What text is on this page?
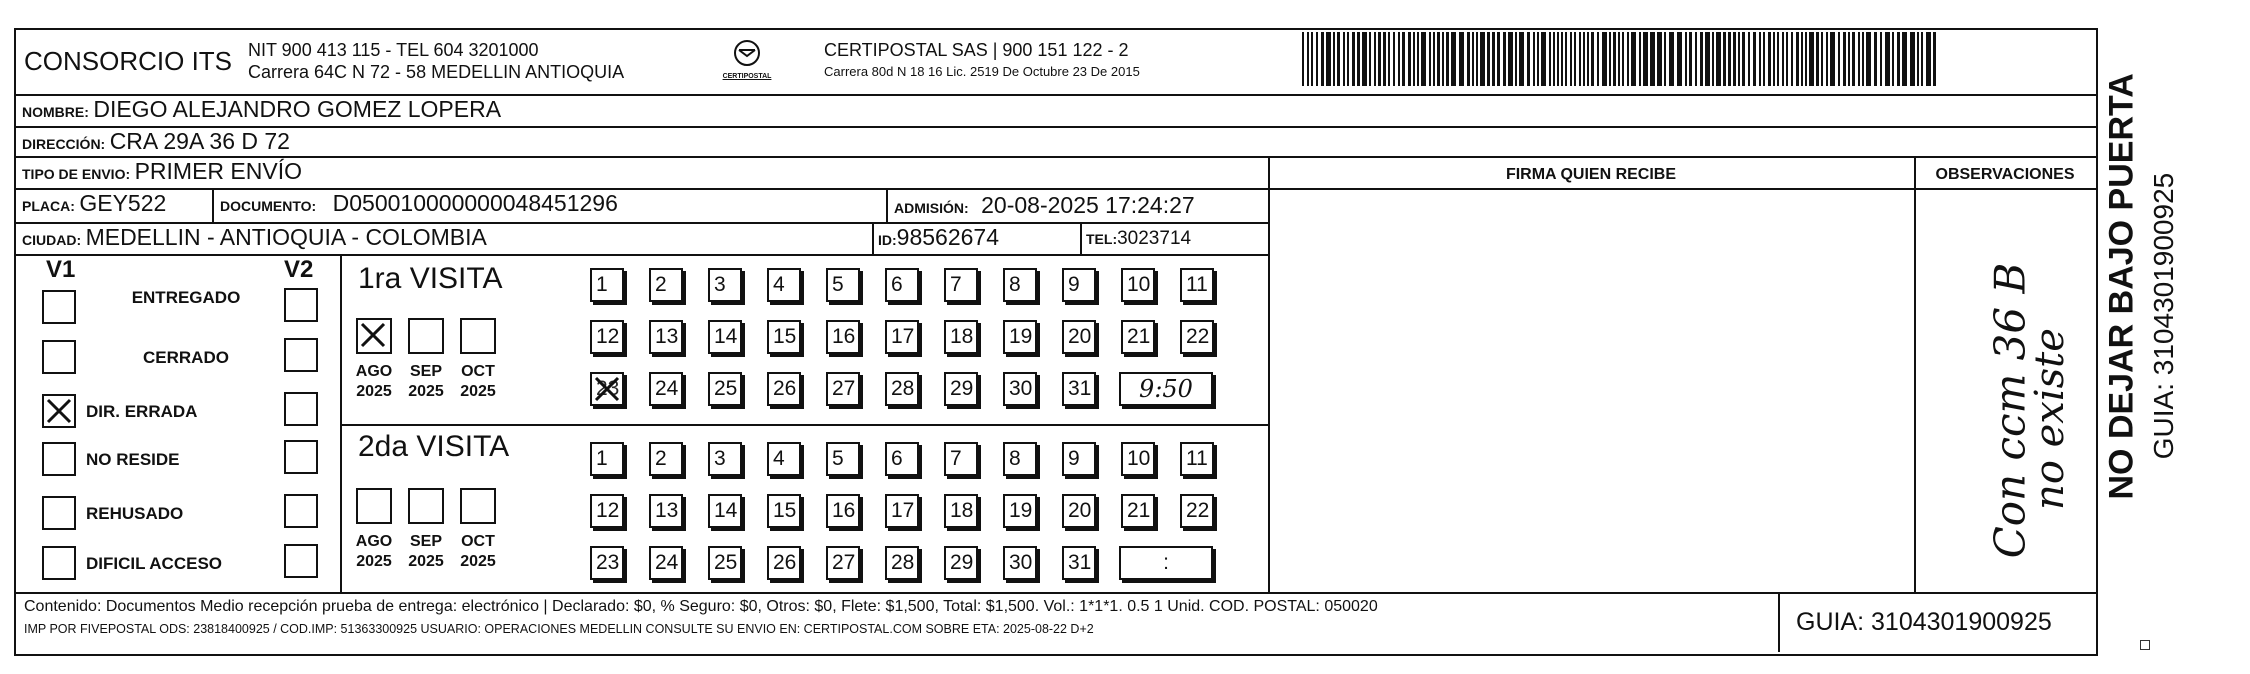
CONSORCIO ITS NIT 900 413 115 - TEL 604 3201000
Carrera 64C N 72 - 58 MEDELLIN ANTIOQUIA	CERTIPOSTAL
CERTIPOSTAL SAS | 900 151 122 - 2
Carrera 80d N 18 16 Lic. 2519 De Octubre 23 De 2015
NOMBRE: DIEGO ALEJANDRO GOMEZ LOPERA
DIRECCIÓN: CRA 29A 36 D 72
TIPO DE ENVIO: PRIMER ENVÍO	FIRMA QUIEN RECIBE	OBSERVACIONES
PLACA: GEY522	DOCUMENTO: D050010000000048451296	ADMISIÓN: 20-08-2025 17:24:27
CIUDAD: MEDELLIN - ANTIOQUIA - COLOMBIA	ID:98562674	TEL:3023714
V1	V2 1ra VISITA
2da VISITA	Con ccm 36 B
no existe
Contenido: Documentos Medio recepción prueba de entrega: electrónico | Declarado: $0, % Seguro: $0, Otros: $0, Flete: $1,500, Total: $1,500. Vol.: 1*1*1. 0.5 1 Unid. COD. POSTAL: 050020
IMP POR FIVEPOSTAL ODS: 23818400925 / COD.IMP: 51363300925 USUARIO: OPERACIONES MEDELLIN CONSULTE SU ENVIO EN: CERTIPOSTAL.COM SOBRE ETA: 2025-08-22 D+2	GUIA: 3104301900925
NO DEJAR BAJO PUERTA GUIA: 3104301900925
ENTREGADO
CERRADO
DIR. ERRADA
NO RESIDE
REHUSADO
DIFICIL ACCESO
AGO
2025
SEP
2025
OCT
2025
AGO
2025
SEP
2025
OCT
2025
1	2	3	4	5	6	7	8	9	10 11
12 13 14 15 16 17 18 19 20 21 22
23 24 25 26 27 28 29 30 31	9:50
1	2	3	4	5	6	7	8	9	10 11
12 13 14 15 16 17 18 19 20 21 22
23 24 25 26 27 28 29 30 31	:
